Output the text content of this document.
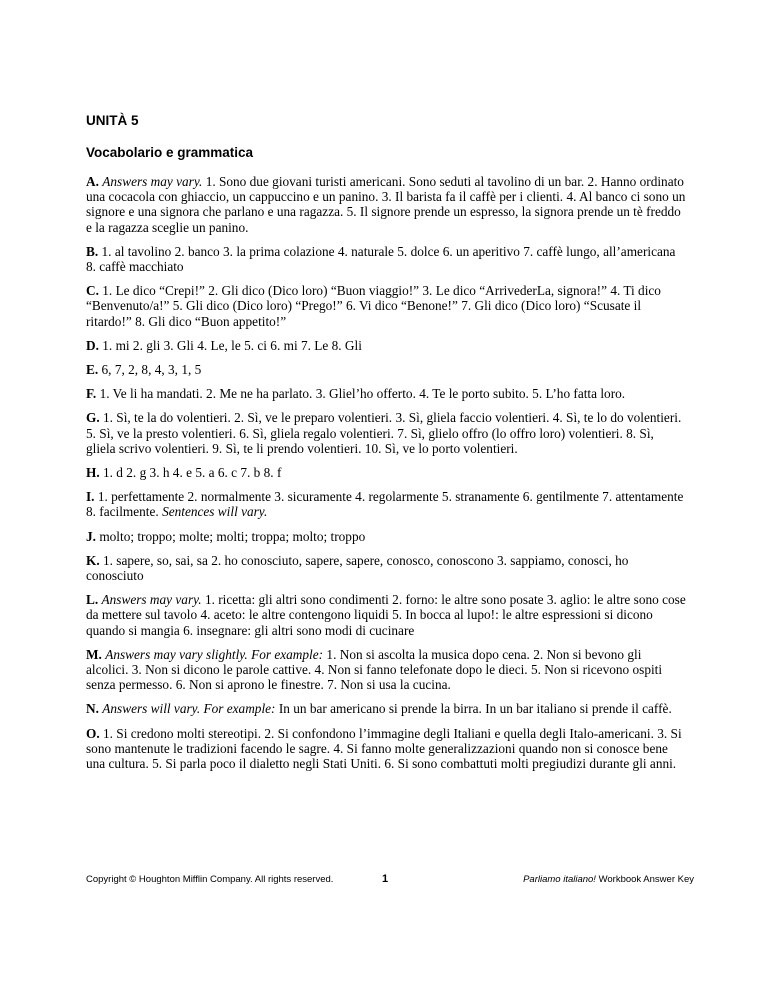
UNITÀ 5
Vocabolario e grammatica

A. Answers may vary. 1. Sono due giovani turisti americani. Sono seduti al tavolino di un bar. 2. Hanno ordinato una cocacola con ghiaccio, un cappuccino e un panino. 3. Il barista fa il caffè per i clienti. 4. Al banco ci sono un signore e una signora che parlano e una ragazza. 5. Il signore prende un espresso, la signora prende un tè freddo e la ragazza sceglie un panino.

B. 1. al tavolino 2. banco 3. la prima colazione 4. naturale 5. dolce 6. un aperitivo 7. caffè lungo, all’americana 8. caffè macchiato

C. 1. Le dico “Crepi!” 2. Gli dico (Dico loro) “Buon viaggio!” 3. Le dico “ArrivederLa, signora!” 4. Ti dico “Benvenuto/a!” 5. Gli dico (Dico loro) “Prego!” 6. Vi dico “Benone!” 7. Gli dico (Dico loro) “Scusate il ritardo!” 8. Gli dico “Buon appetito!”

D. 1. mi 2. gli 3. Gli 4. Le, le 5. ci 6. mi 7. Le 8. Gli

E. 6, 7, 2, 8, 4, 3, 1, 5

F. 1. Ve li ha mandati. 2. Me ne ha parlato. 3. Gliel’ho offerto. 4. Te le porto subito. 5. L’ho fatta loro.

G. 1. Sì, te la do volentieri. 2. Sì, ve le preparo volentieri. 3. Sì, gliela faccio volentieri. 4. Sì, te lo do volentieri. 5. Sì, ve la presto volentieri. 6. Sì, gliela regalo volentieri. 7. Sì, glielo offro (lo offro loro) volentieri. 8. Sì, gliela scrivo volentieri. 9. Sì, te li prendo volentieri. 10. Sì, ve lo porto volentieri.

H. 1. d 2. g 3. h 4. e 5. a 6. c 7. b 8. f

I. 1. perfettamente 2. normalmente 3. sicuramente 4. regolarmente 5. stranamente 6. gentilmente 7. attentamente 8. facilmente. Sentences will vary.

J. molto; troppo; molte; molti; troppa; molto; troppo

K. 1. sapere, so, sai, sa 2. ho conosciuto, sapere, sapere, conosco, conoscono 3. sappiamo, conosci, ho conosciuto

L. Answers may vary. 1. ricetta: gli altri sono condimenti 2. forno: le altre sono posate 3. aglio: le altre sono cose da mettere sul tavolo 4. aceto: le altre contengono liquidi 5. In bocca al lupo!: le altre espressioni si dicono quando si mangia 6. insegnare: gli altri sono modi di cucinare

M. Answers may vary slightly. For example: 1. Non si ascolta la musica dopo cena. 2. Non si bevono gli alcolici. 3. Non si dicono le parole cattive. 4. Non si fanno telefonate dopo le dieci. 5. Non si ricevono ospiti senza permesso. 6. Non si aprono le finestre. 7. Non si usa la cucina.

N. Answers will vary. For example: In un bar americano si prende la birra. In un bar italiano si prende il caffè.

O. 1. Si credono molti stereotipi. 2. Si confondono l’immagine degli Italiani e quella degli Italo-americani. 3. Si sono mantenute le tradizioni facendo le sagre. 4. Si fanno molte generalizzazioni quando non si conosce bene una cultura. 5. Si parla poco il dialetto negli Stati Uniti. 6. Si sono combattuti molti pregiudizi durante gli anni.

Copyright © Houghton Mifflin Company. All rights reserved.	1	Parliamo italiano! Workbook Answer Key
